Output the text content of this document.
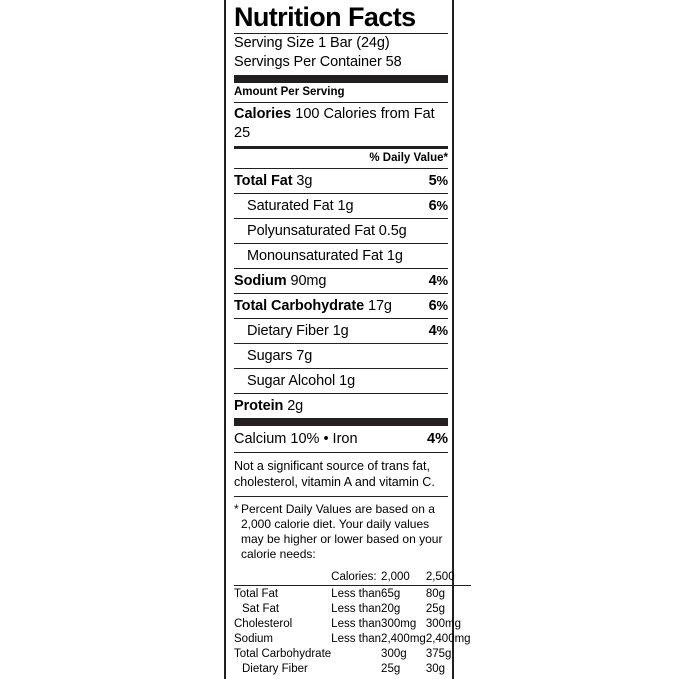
Nutrition Facts
Serving Size 1 Bar (24g)
Servings Per Container 58
Amount Per Serving
Calories 100 Calories from Fat 25
% Daily Value*
Total Fat 3g	5%
Saturated Fat 1g	6%
Polyunsaturated Fat 0.5g
Monounsaturated Fat 1g
Sodium 90mg	4%
Total Carbohydrate 17g	6%
Dietary Fiber 1g	4%
Sugars 7g
Sugar Alcohol 1g
Protein 2g
Calcium 10% • Iron	4%
Not a significant source of trans fat, cholesterol, vitamin A and vitamin C.
* Percent Daily Values are based on a 2,000 calorie diet. Your daily values may be higher or lower based on your calorie needs:
	Calories:	2,000	2,500

Total Fat	Less than	65g	80g
Sat Fat	Less than	20g	25g
Cholesterol	Less than	300mg	300mg
Sodium	Less than	2,400mg	2,400mg
Total Carbohydrate		300g	375g
Dietary Fiber		25g	30g
